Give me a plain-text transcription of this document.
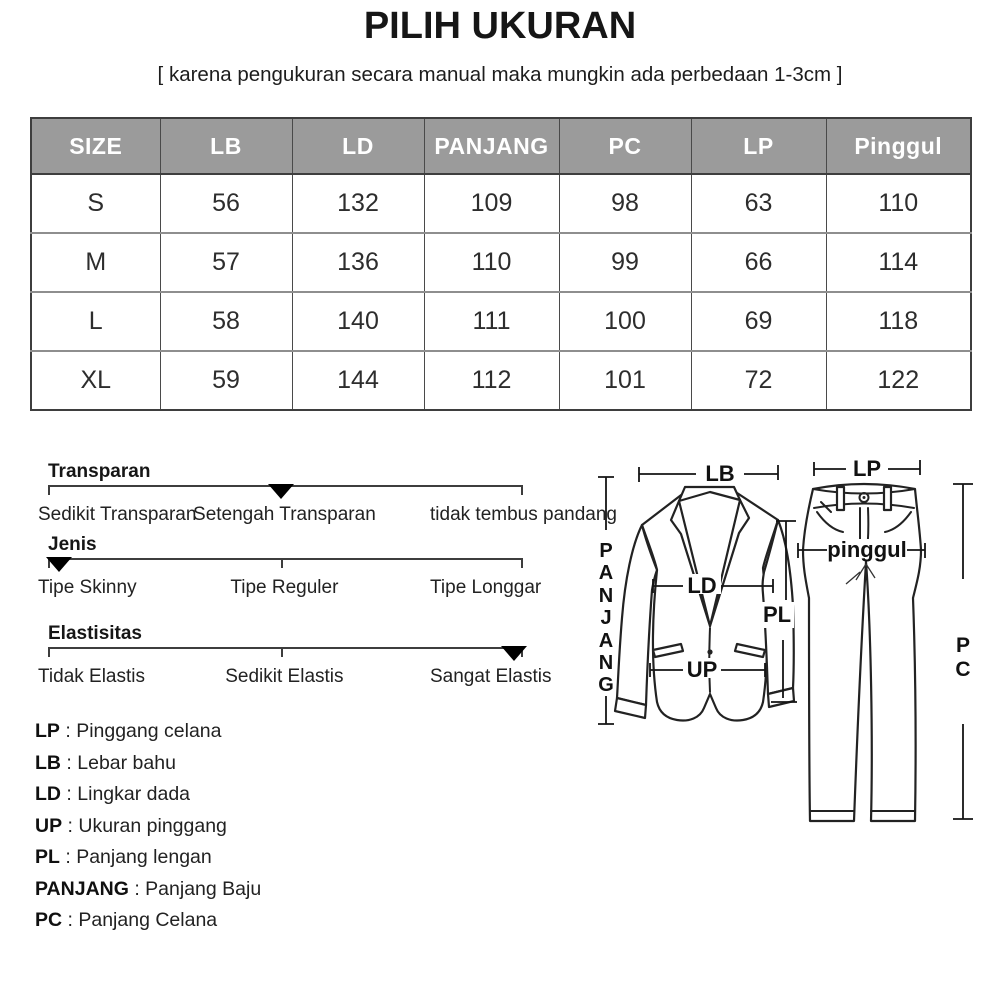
PILIH UKURAN
[ karena pengukuran secara manual maka mungkin ada perbedaan 1-3cm ]
SIZE	LB	LD	PANJANG	PC	LP	Pinggul
S	56	132	109	98	63	110
M	57	136	110	99	66	114
L	58	140	111	100	69	118
XL	59	144	112	101	72	122
Transparan
Sedikit Transparan
Setengah Transparan	tidak tembus pandang
Jenis
Tipe Skinny	Tipe Reguler	Tipe Longgar
Elastisitas
Tidak Elastis	Sedikit Elastis	Sangat Elastis
LP : Pinggang celana
LB : Lebar bahu
LD : Lingkar dada
UP : Ukuran pinggang
PL : Panjang lengan
PANJANG : Panjang Baju
PC : Panjang Celana
LB
P
A
N
J
A
N
G
LD
UP
PL
LP
pinggul
P
C
